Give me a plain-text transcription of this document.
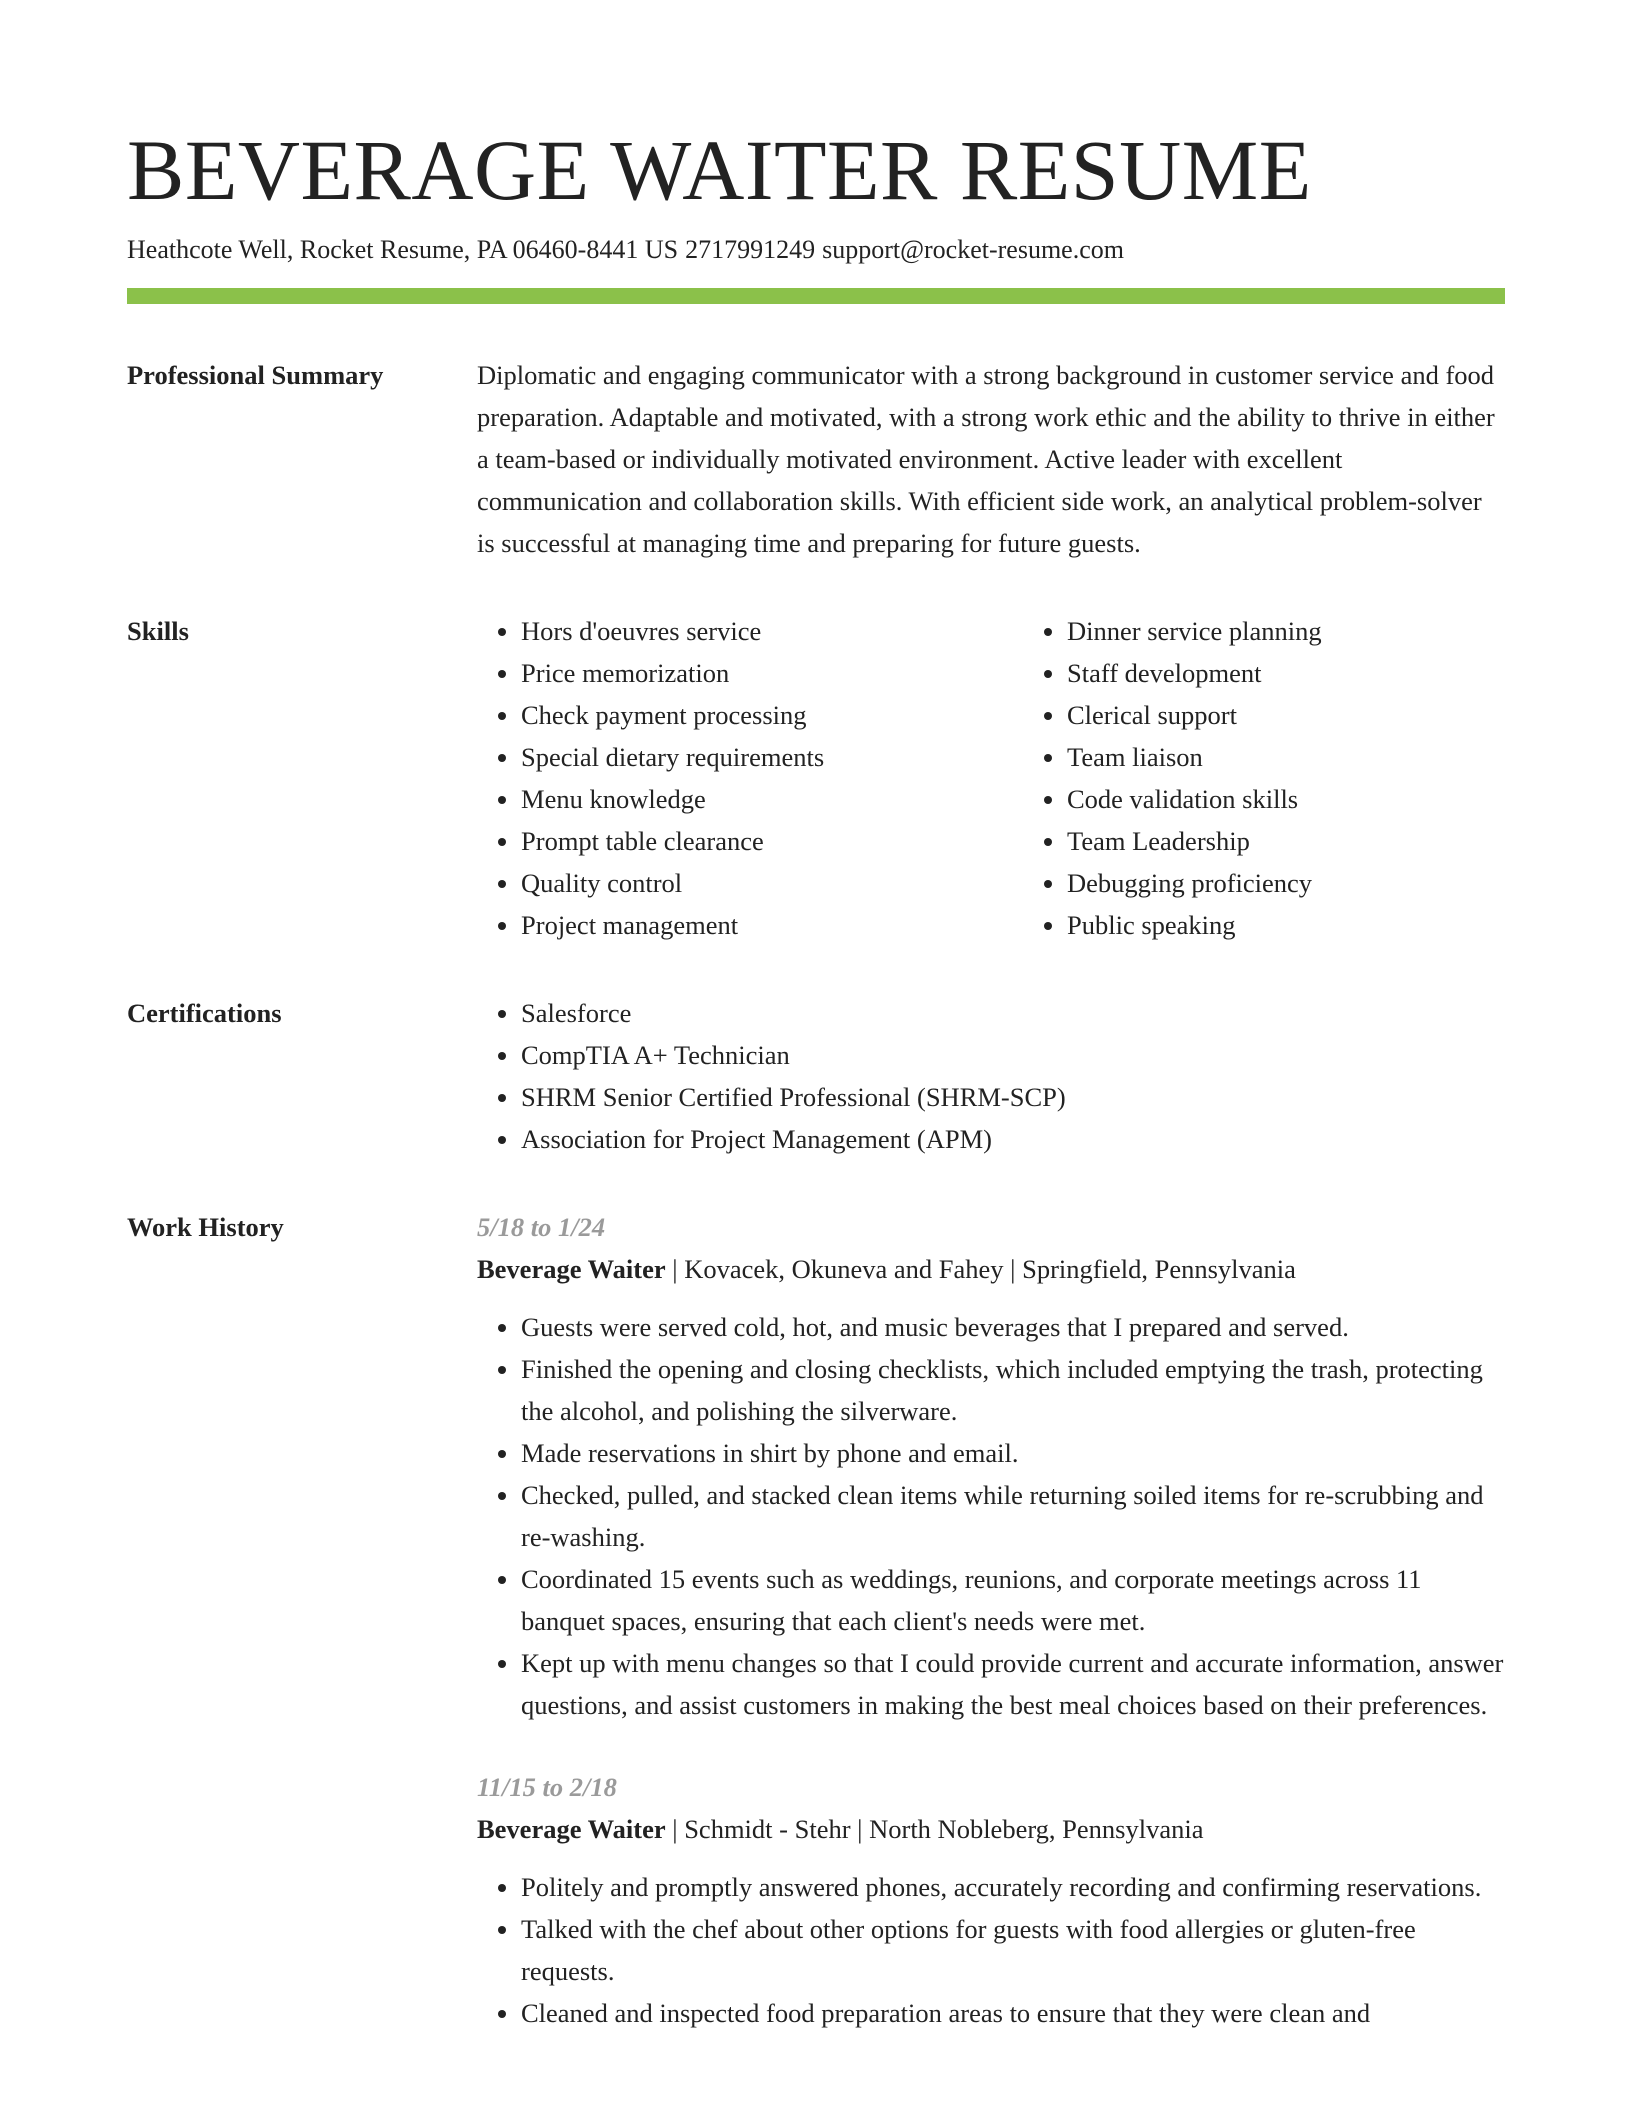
BEVERAGE WAITER RESUME
Heathcote Well, Rocket Resume, PA 06460-8441 US 2717991249 support@rocket-resume.com
Professional Summary	Diplomatic and engaging communicator with a strong background in customer service and food preparation. Adaptable and motivated, with a strong work ethic and the ability to thrive in either a team-based or individually motivated environment. Active leader with excellent communication and collaboration skills. With efficient side work, an analytical problem-solver is successful at managing time and preparing for future guests.

Skills	• Hors d'oeuvres service
• Price memorization
• Check payment processing
• Special dietary requirements
• Menu knowledge
• Prompt table clearance
• Quality control
• Project management
• Dinner service planning
• Staff development
• Clerical support
• Team liaison
• Code validation skills
• Team Leadership
• Debugging proficiency
• Public speaking
Certifications	• Salesforce
• CompTIA A+ Technician
• SHRM Senior Certified Professional (SHRM-SCP)
• Association for Project Management (APM)
Work History	5/18 to 1/24
Beverage Waiter | Kovacek, Okuneva and Fahey | Springfield, Pennsylvania
• Guests were served cold, hot, and music beverages that I prepared and served.
• Finished the opening and closing checklists, which included emptying the trash, protecting the alcohol, and polishing the silverware.
• Made reservations in shirt by phone and email.
• Checked, pulled, and stacked clean items while returning soiled items for re-scrubbing and re-washing.
• Coordinated 15 events such as weddings, reunions, and corporate meetings across 11 banquet spaces, ensuring that each client's needs were met.
• Kept up with menu changes so that I could provide current and accurate information, answer questions, and assist customers in making the best meal choices based on their preferences.
11/15 to 2/18
Beverage Waiter | Schmidt - Stehr | North Nobleberg, Pennsylvania
• Politely and promptly answered phones, accurately recording and confirming reservations.
• Talked with the chef about other options for guests with food allergies or gluten-free requests.
• Cleaned and inspected food preparation areas to ensure that they were clean and
